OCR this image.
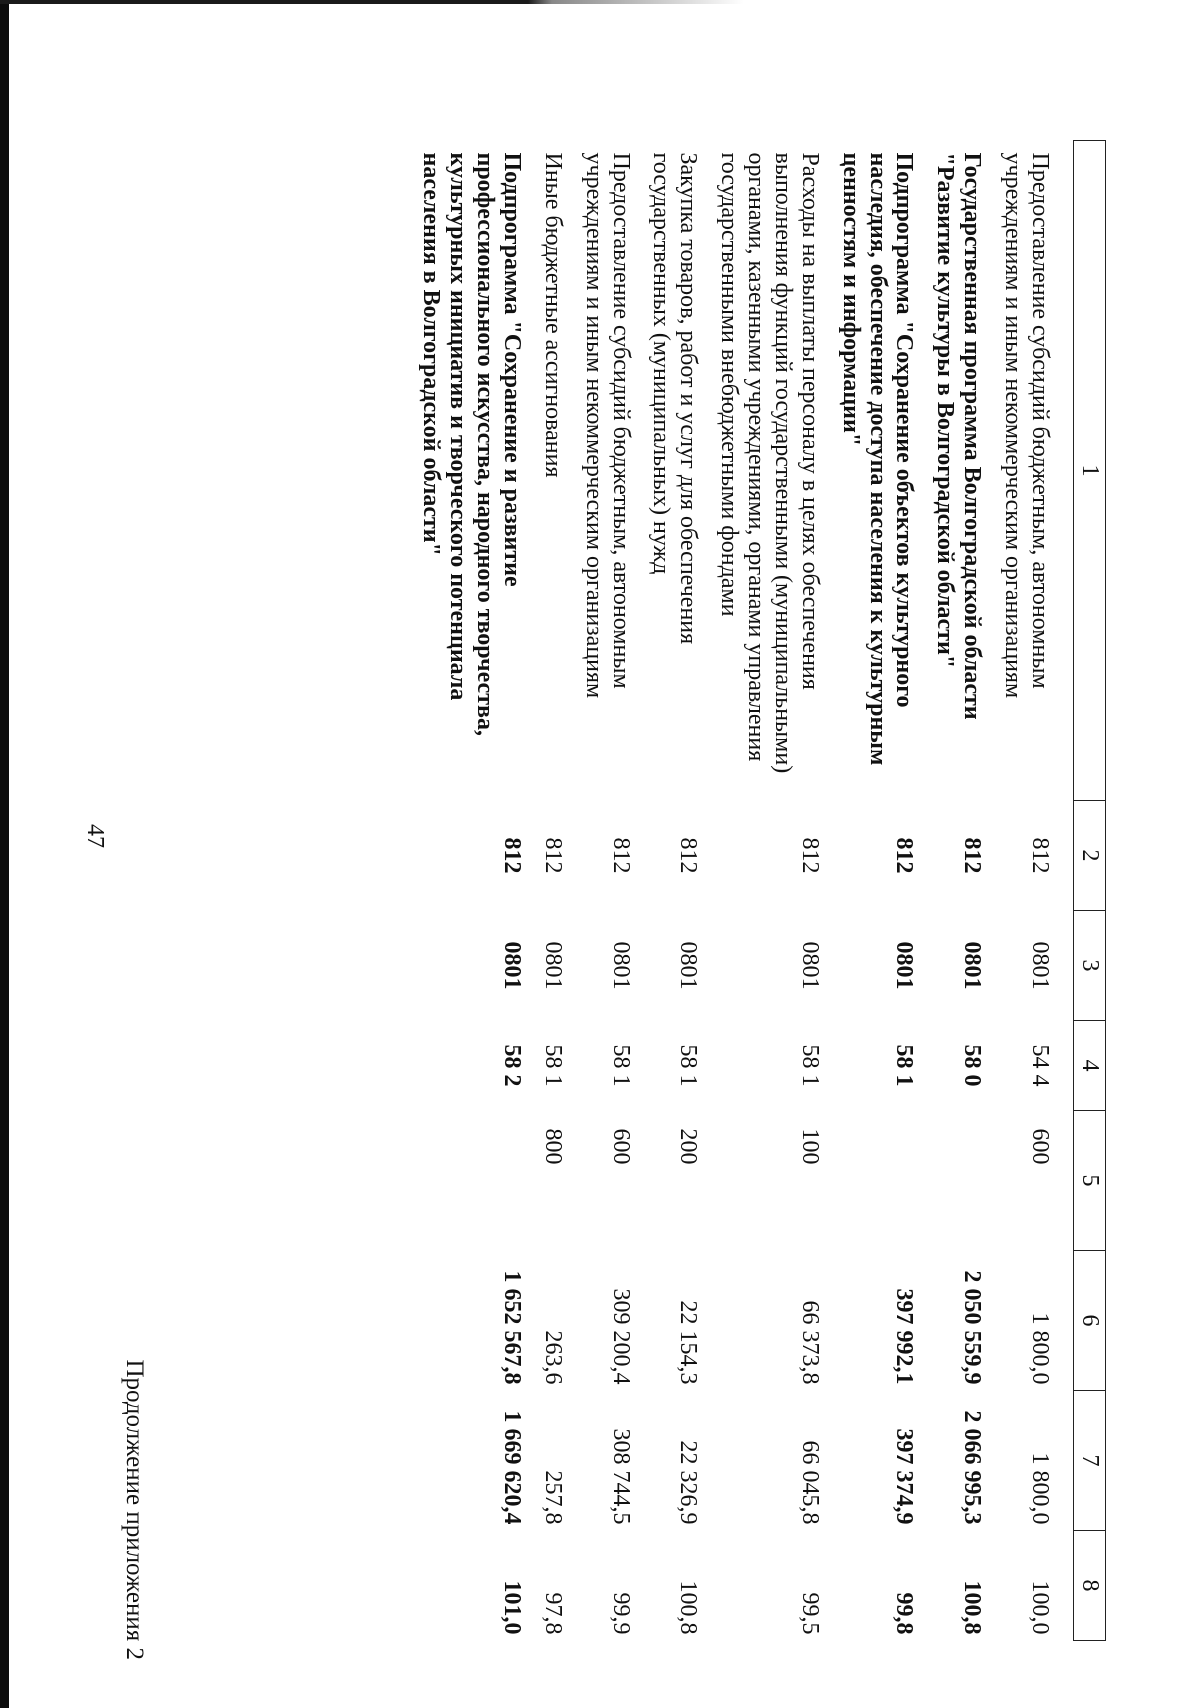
47
Продолжение приложения 2
1	2	3	4	5	6	7	8
Предоставление субсидий бюджетным, автономным учреждениям и иным некоммерческим организациям	812	0801	54 4	600	1 800,0	1 800,0	100,0
Государственная программа Волгоградской области "Развитие культуры в Волгоградской области"	812	0801	58 0		2 050 559,9	2 066 995,3	100,8
Подпрограмма "Сохранение объектов культурного наследия, обеспечение доступа населения к культурным ценностям и информации"	812	0801	58 1		397 992,1	397 374,9	99,8
Расходы на выплаты персоналу в целях обеспечения выполнения функций государственными (муниципальными) органами, казенными учреждениями, органами управления государственными внебюджетными фондами	812	0801	58 1	100	66 373,8	66 045,8	99,5
Закупка товаров, работ и услуг для обеспечения государственных (муниципальных) нужд	812	0801	58 1	200	22 154,3	22 326,9	100,8
Предоставление субсидий бюджетным, автономным учреждениям и иным некоммерческим организациям	812	0801	58 1	600	309 200,4	308 744,5	99,9
Иные бюджетные ассигнования	812	0801	58 1	800	263,6	257,8	97,8
Подпрограмма "Сохранение и развитие профессионального искусства, народного творчества, культурных инициатив и творческого потенциала населения в Волгоградской области"	812	0801	58 2		1 652 567,8	1 669 620,4	101,0
